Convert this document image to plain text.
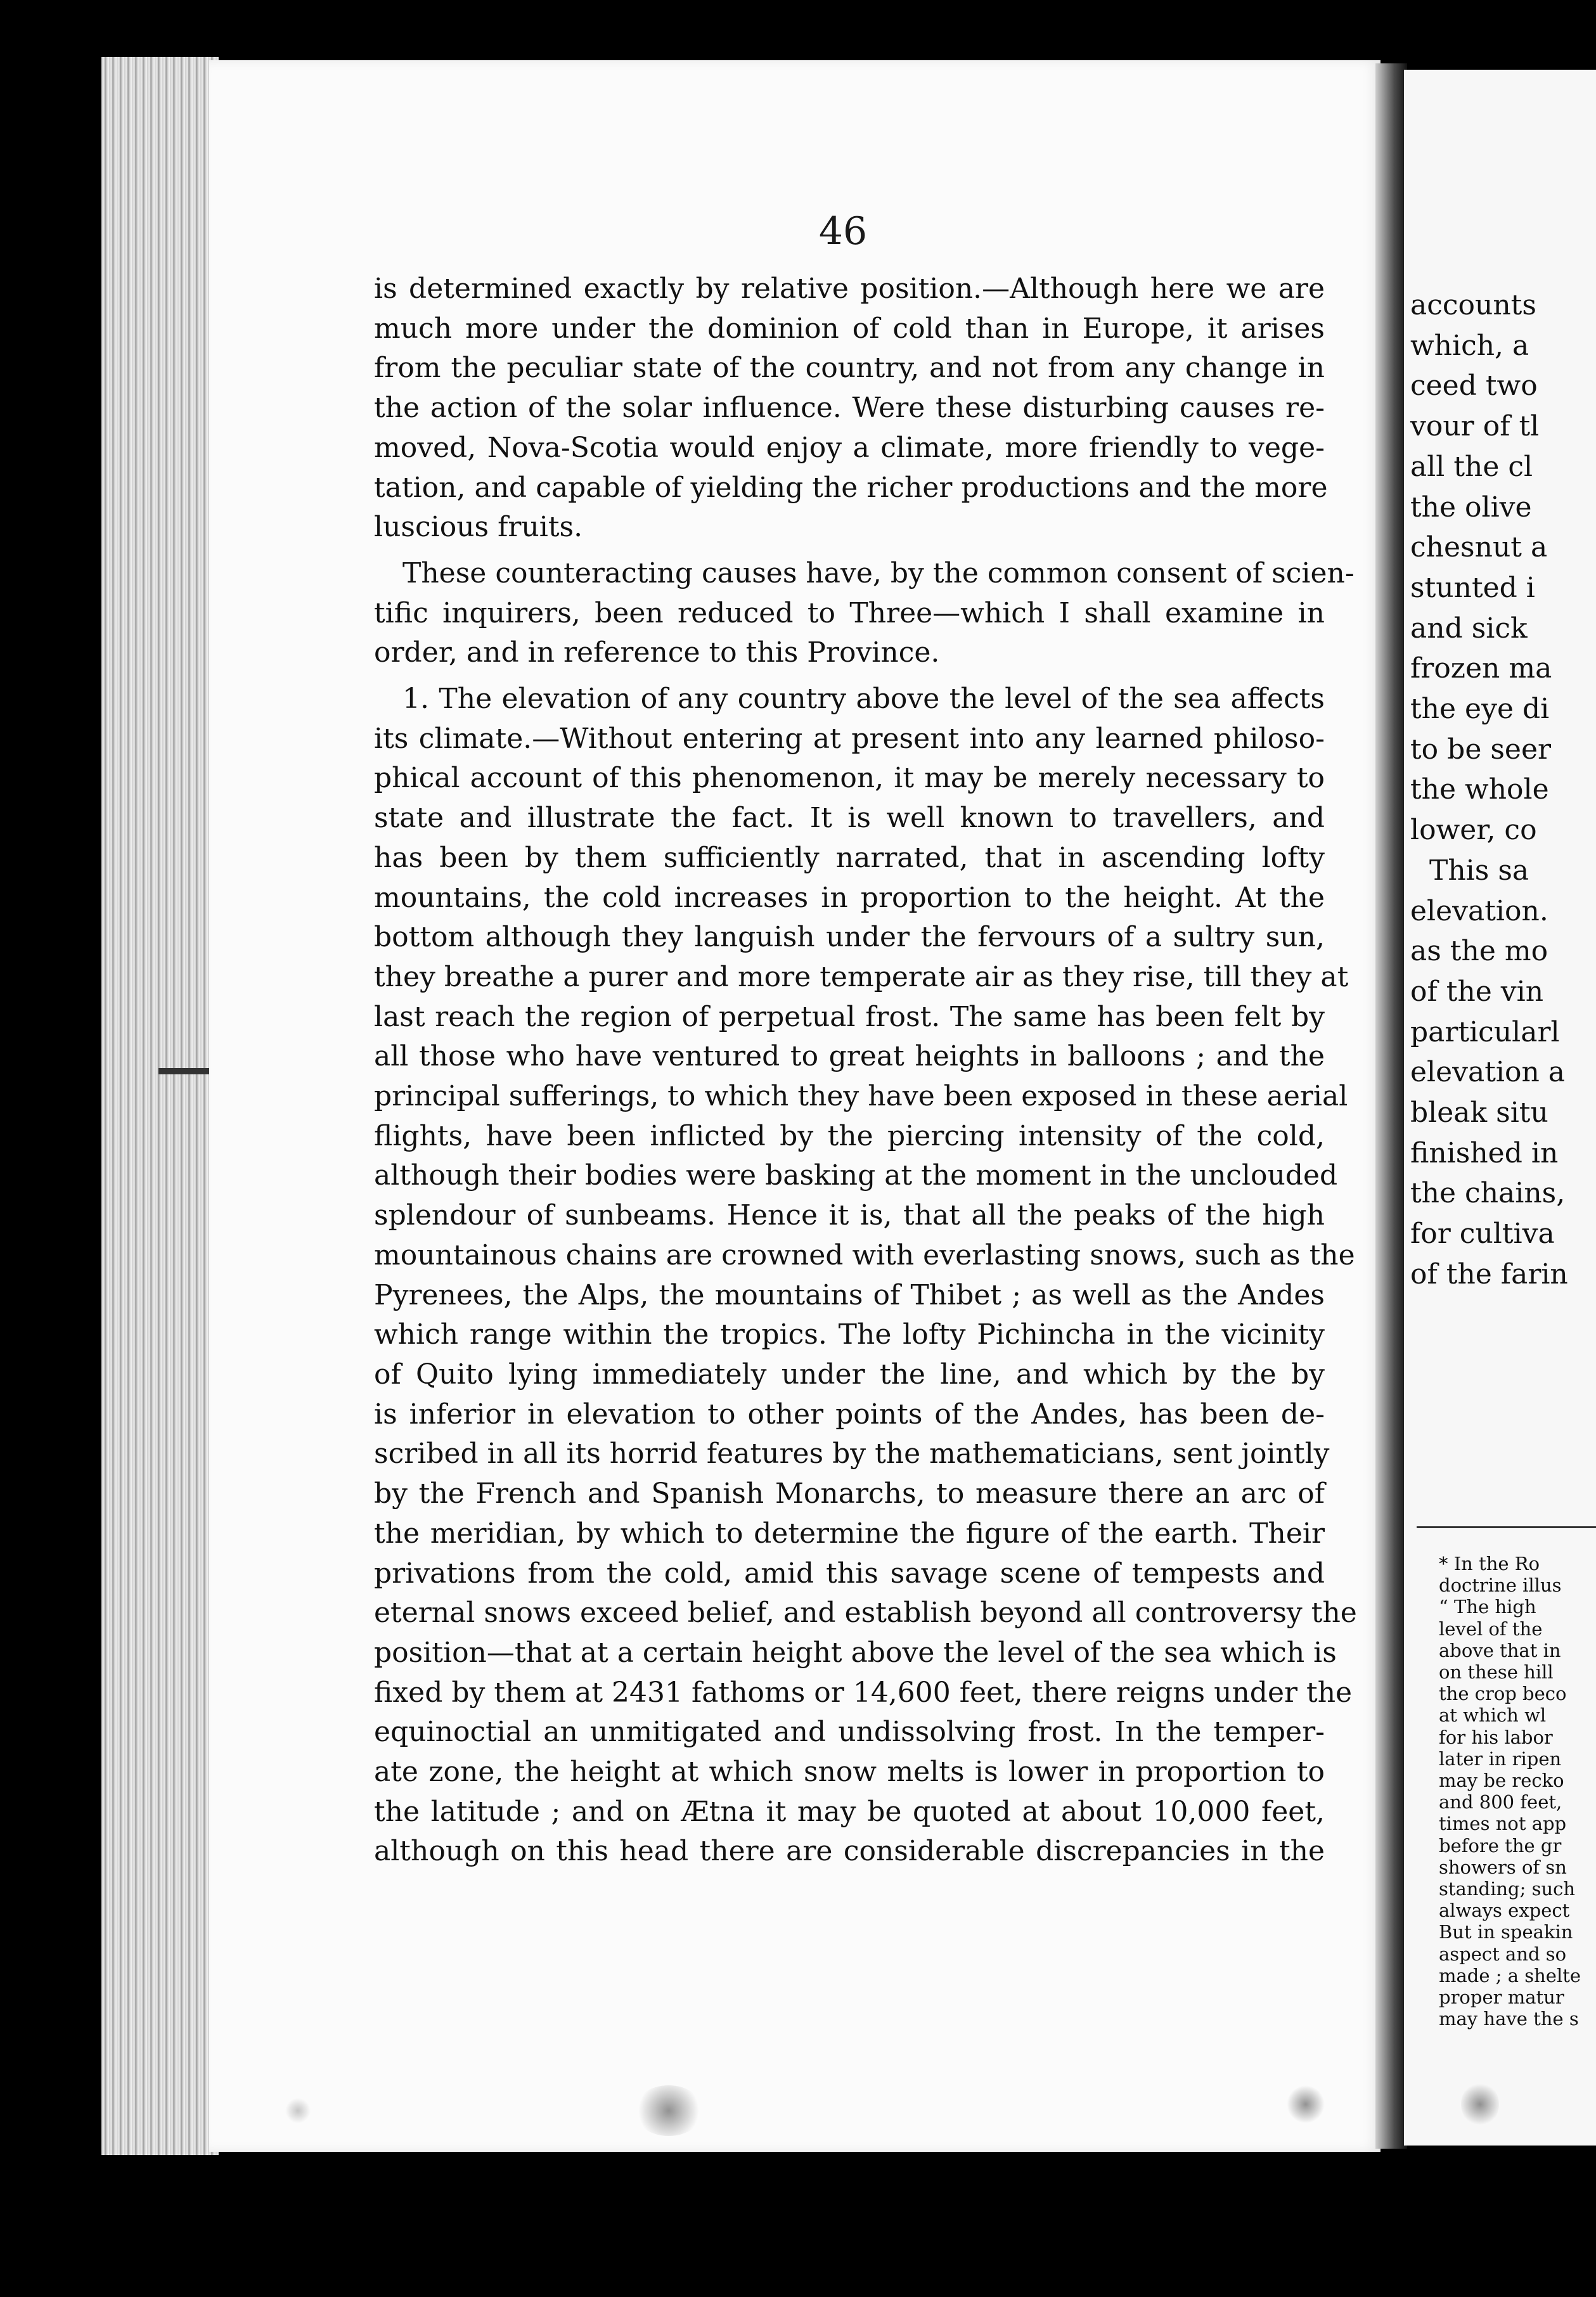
accounts
which, a
ceed two
vour of tl
all the cl
the olive
chesnut a
stunted i
and sick
frozen ma
the eye di
to be seer
the whole
lower, co
This sa
elevation.
as the mo
of the vin
particularl
elevation a
bleak situ
finished in
the chains,
for cultiva
of the farin
* In the Ro
doctrine illus
“ The high
level of the
above that in
on these hill
the crop beco
at which wl
for his labor
later in ripen
may be recko
and 800 feet,
times not app
before the gr
showers of sn
standing; such
always expect
But in speakin
aspect and so
made ; a shelte
proper matur
may have the s
46

is determined exactly by relative position.—Although here we are
much more under the dominion of cold than in Europe, it arises
from the peculiar state of the country, and not from any change in
the action of the solar influence. Were these disturbing causes re-
moved, Nova-Scotia would enjoy a climate, more friendly to vege-
tation, and capable of yielding the richer productions and the more
luscious fruits.

These counteracting causes have, by the common consent of scien-
tific inquirers, been reduced to Three—which I shall examine in
order, and in reference to this Province.

1. The elevation of any country above the level of the sea affects
its climate.—Without entering at present into any learned philoso-
phical account of this phenomenon, it may be merely necessary to
state and illustrate the fact. It is well known to travellers, and
has been by them sufficiently narrated, that in ascending lofty
mountains, the cold increases in proportion to the height. At the
bottom although they languish under the fervours of a sultry sun,
they breathe a purer and more temperate air as they rise, till they at
last reach the region of perpetual frost. The same has been felt by
all those who have ventured to great heights in balloons ; and the
principal sufferings, to which they have been exposed in these aerial
flights, have been inflicted by the piercing intensity of the cold,
although their bodies were basking at the moment in the unclouded
splendour of sunbeams. Hence it is, that all the peaks of the high
mountainous chains are crowned with everlasting snows, such as the
Pyrenees, the Alps, the mountains of Thibet ; as well as the Andes
which range within the tropics. The lofty Pichincha in the vicinity
of Quito lying immediately under the line, and which by the by
is inferior in elevation to other points of the Andes, has been de-
scribed in all its horrid features by the mathematicians, sent jointly
by the French and Spanish Monarchs, to measure there an arc of
the meridian, by which to determine the figure of the earth. Their
privations from the cold, amid this savage scene of tempests and
eternal snows exceed belief, and establish beyond all controversy the
position—that at a certain height above the level of the sea which is
fixed by them at 2431 fathoms or 14,600 feet, there reigns under the
equinoctial an unmitigated and undissolving frost. In the temper-
ate zone, the height at which snow melts is lower in proportion to
the latitude ; and on Ætna it may be quoted at about 10,000 feet,
although on this head there are considerable discrepancies in the
